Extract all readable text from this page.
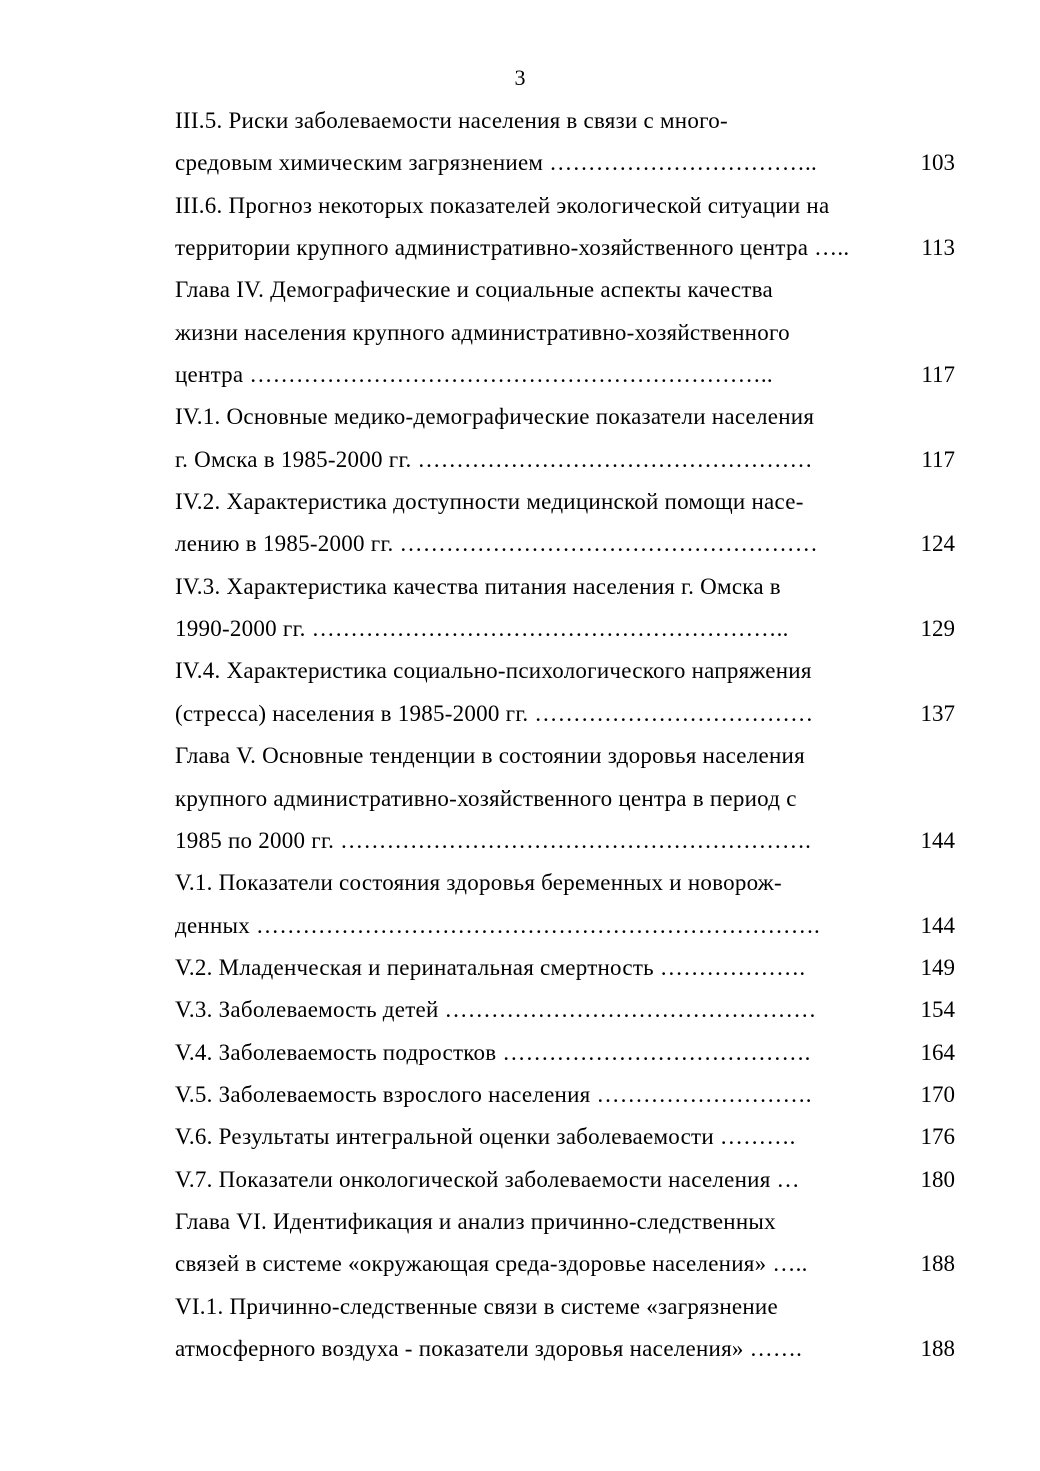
3
III.5. Риски заболеваемости населения в связи с много-
средовым химическим загрязнением ……………………………..	103
III.6. Прогноз некоторых показателей экологической ситуации на
территории крупного административно-хозяйственного центра …..	113
Глава IV. Демографические и социальные аспекты качества
жизни населения крупного административно-хозяйственного
центра …………………………………………………………..	117
IV.1. Основные медико-демографические показатели населения
г. Омска в 1985-2000 гг. ……………………………………………	117
IV.2. Характеристика доступности медицинской помощи насе-
лению в 1985-2000 гг. ………………………………………………	124
IV.3. Характеристика качества питания населения г. Омска в
1990-2000 гг. ……………………………………………………..	129
IV.4. Характеристика социально-психологического напряжения
(стресса) населения в 1985-2000 гг. ………………………………	137
Глава V. Основные тенденции в состоянии здоровья населения
крупного административно-хозяйственного центра в период с
1985 по 2000 гг. …………………………………………………….	144
V.1. Показатели состояния здоровья беременных и новорож-
денных ……………………………………………………………….	144
V.2. Младенческая и перинатальная смертность ……………….	149
V.3. Заболеваемость детей …………………………………………	154
V.4. Заболеваемость подростков ………………………………….	164
V.5. Заболеваемость взрослого населения ……………………….	170
V.6. Результаты интегральной оценки заболеваемости ……….	176
V.7. Показатели онкологической заболеваемости населения …	180
Глава VI. Идентификация и анализ причинно-следственных
связей в системе «окружающая среда-здоровье населения» …..	188
VI.1. Причинно-следственные связи в системе «загрязнение
атмосферного воздуха - показатели здоровья населения» …….	188
